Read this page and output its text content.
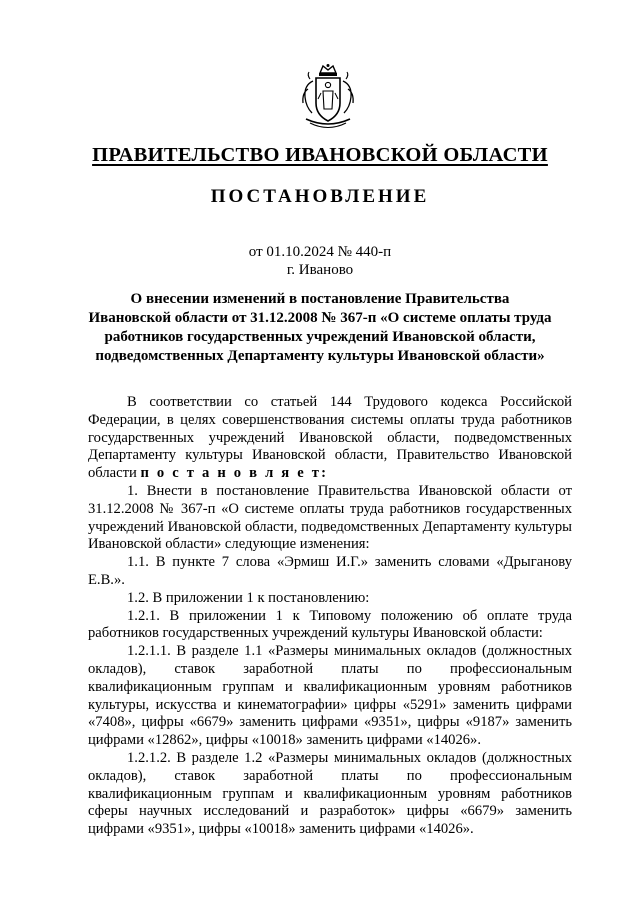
ПРАВИТЕЛЬСТВО ИВАНОВСКОЙ ОБЛАСТИ
ПОСТАНОВЛЕНИЕ
от 01.10.2024 № 440-п
г. Иваново
О внесении изменений в постановление Правительства
Ивановской области от 31.12.2008 № 367-п «О системе оплаты труда
работников государственных учреждений Ивановской области,
подведомственных Департаменту культуры Ивановской области»

В соответствии со статьей 144 Трудового кодекса Российской Федерации, в целях совершенствования системы оплаты труда работников государственных учреждений Ивановской области, подведомственных Департаменту культуры Ивановской области, Правительство Ивановской области п о с т а н о в л я е т:

1. Внести в постановление Правительства Ивановской области от 31.12.2008 № 367-п «О системе оплаты труда работников государственных учреждений Ивановской области, подведомственных Департаменту культуры Ивановской области» следующие изменения:

1.1. В пункте 7 слова «Эрмиш И.Г.» заменить словами «Дрыганову Е.В.».

1.2. В приложении 1 к постановлению:

1.2.1. В приложении 1 к Типовому положению об оплате труда работников государственных учреждений культуры Ивановской области:

1.2.1.1. В разделе 1.1 «Размеры минимальных окладов (должностных окладов), ставок заработной платы по профессиональным квалификационным группам и квалификационным уровням работников культуры, искусства и кинематографии» цифры «5291» заменить цифрами «7408», цифры «6679» заменить цифрами «9351», цифры «9187» заменить цифрами «12862», цифры «10018» заменить цифрами «14026».

1.2.1.2. В разделе 1.2 «Размеры минимальных окладов (должностных окладов), ставок заработной платы по профессиональным квалификационным группам и квалификационным уровням работников сферы научных исследований и разработок» цифры «6679» заменить цифрами «9351», цифры «10018» заменить цифрами «14026».
